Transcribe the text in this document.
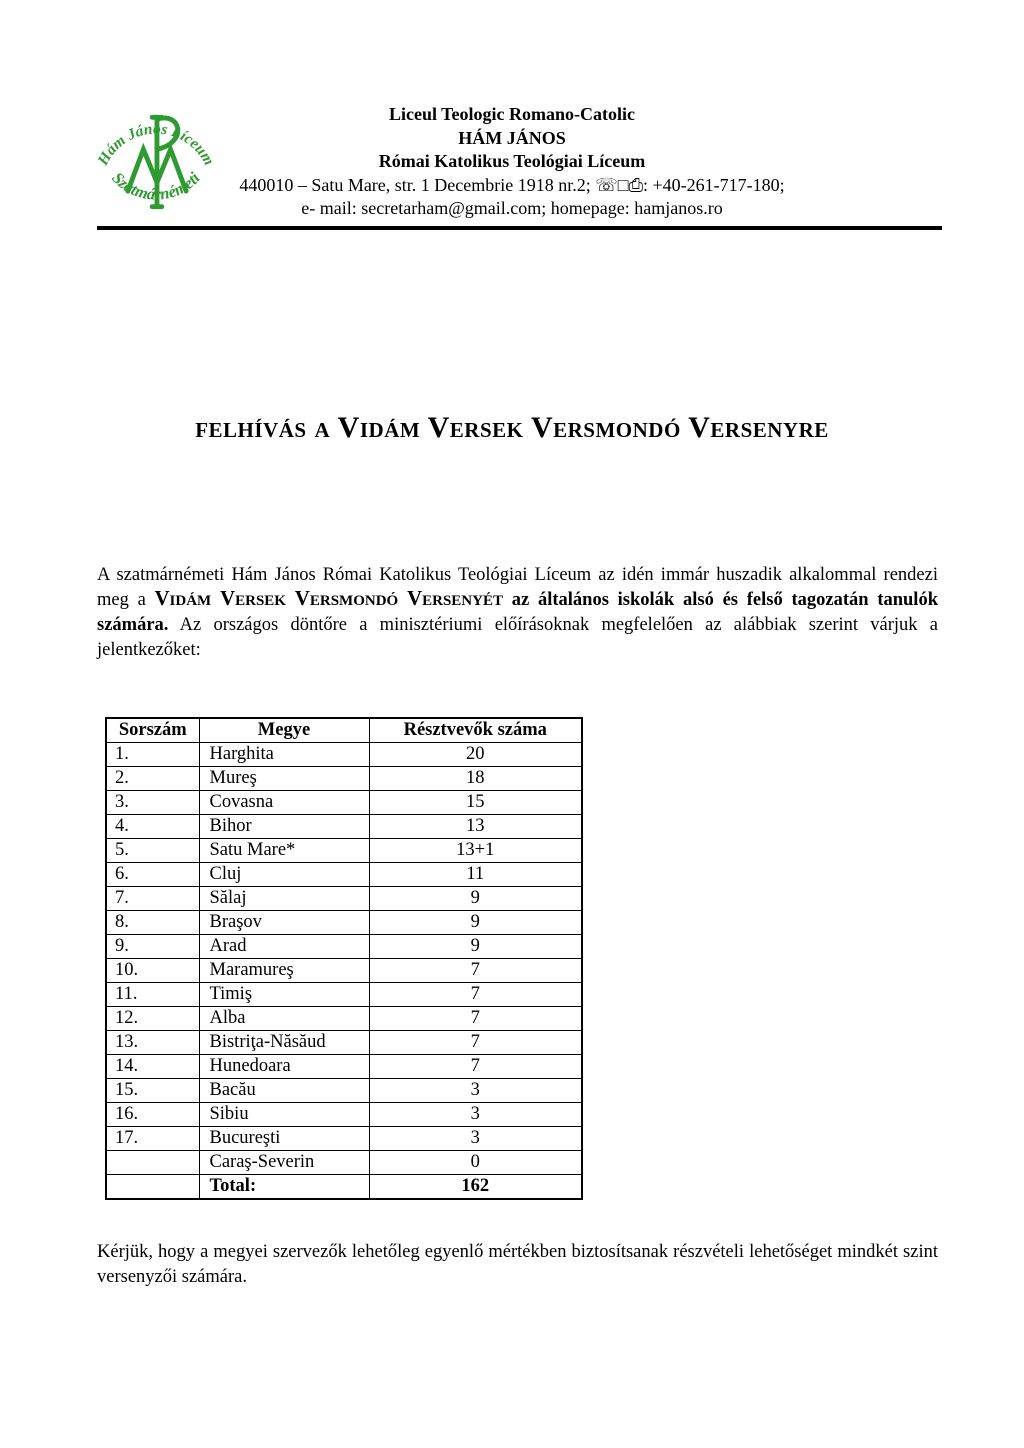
Hám János Líceum
Szatmárnémeti
Liceul Teologic Romano-Catolic
HÁM JÁNOS
Római Katolikus Teológiai Líceum
440010 – Satu Mare, str. 1 Decembrie 1918 nr.2; ☏□⎙: +40-261-717-180;
e- mail: secretarham@gmail.com; homepage: hamjanos.ro
felhívás a Vidám Versek Versmondó Versenyre
A szatmárnémeti Hám János Római Katolikus Teológiai Líceum az idén immár huszadik alkalommal rendezi meg a Vidám Versek Versmondó Versenyét az általános iskolák alsó és felső tagozatán tanulók számára. Az országos döntőre a minisztériumi előírásoknak megfelelően az alábbiak szerint várjuk a jelentkezőket:
Sorszám	Megye	Résztvevők száma
1.	Harghita	20
2.	Mureş	18
3.	Covasna	15
4.	Bihor	13
5.	Satu Mare*	13+1
6.	Cluj	11
7.	Sălaj	9
8.	Braşov	9
9.	Arad	9
10.	Maramureş	7
11.	Timiş	7
12.	Alba	7
13.	Bistriţa-Năsăud	7
14.	Hunedoara	7
15.	Bacău	3
16.	Sibiu	3
17.	Bucureşti	3
	Caraş-Severin	0
	Total:	162
Kérjük, hogy a megyei szervezők lehetőleg egyenlő mértékben biztosítsanak részvételi lehetőséget mindkét szint versenyzői számára.
